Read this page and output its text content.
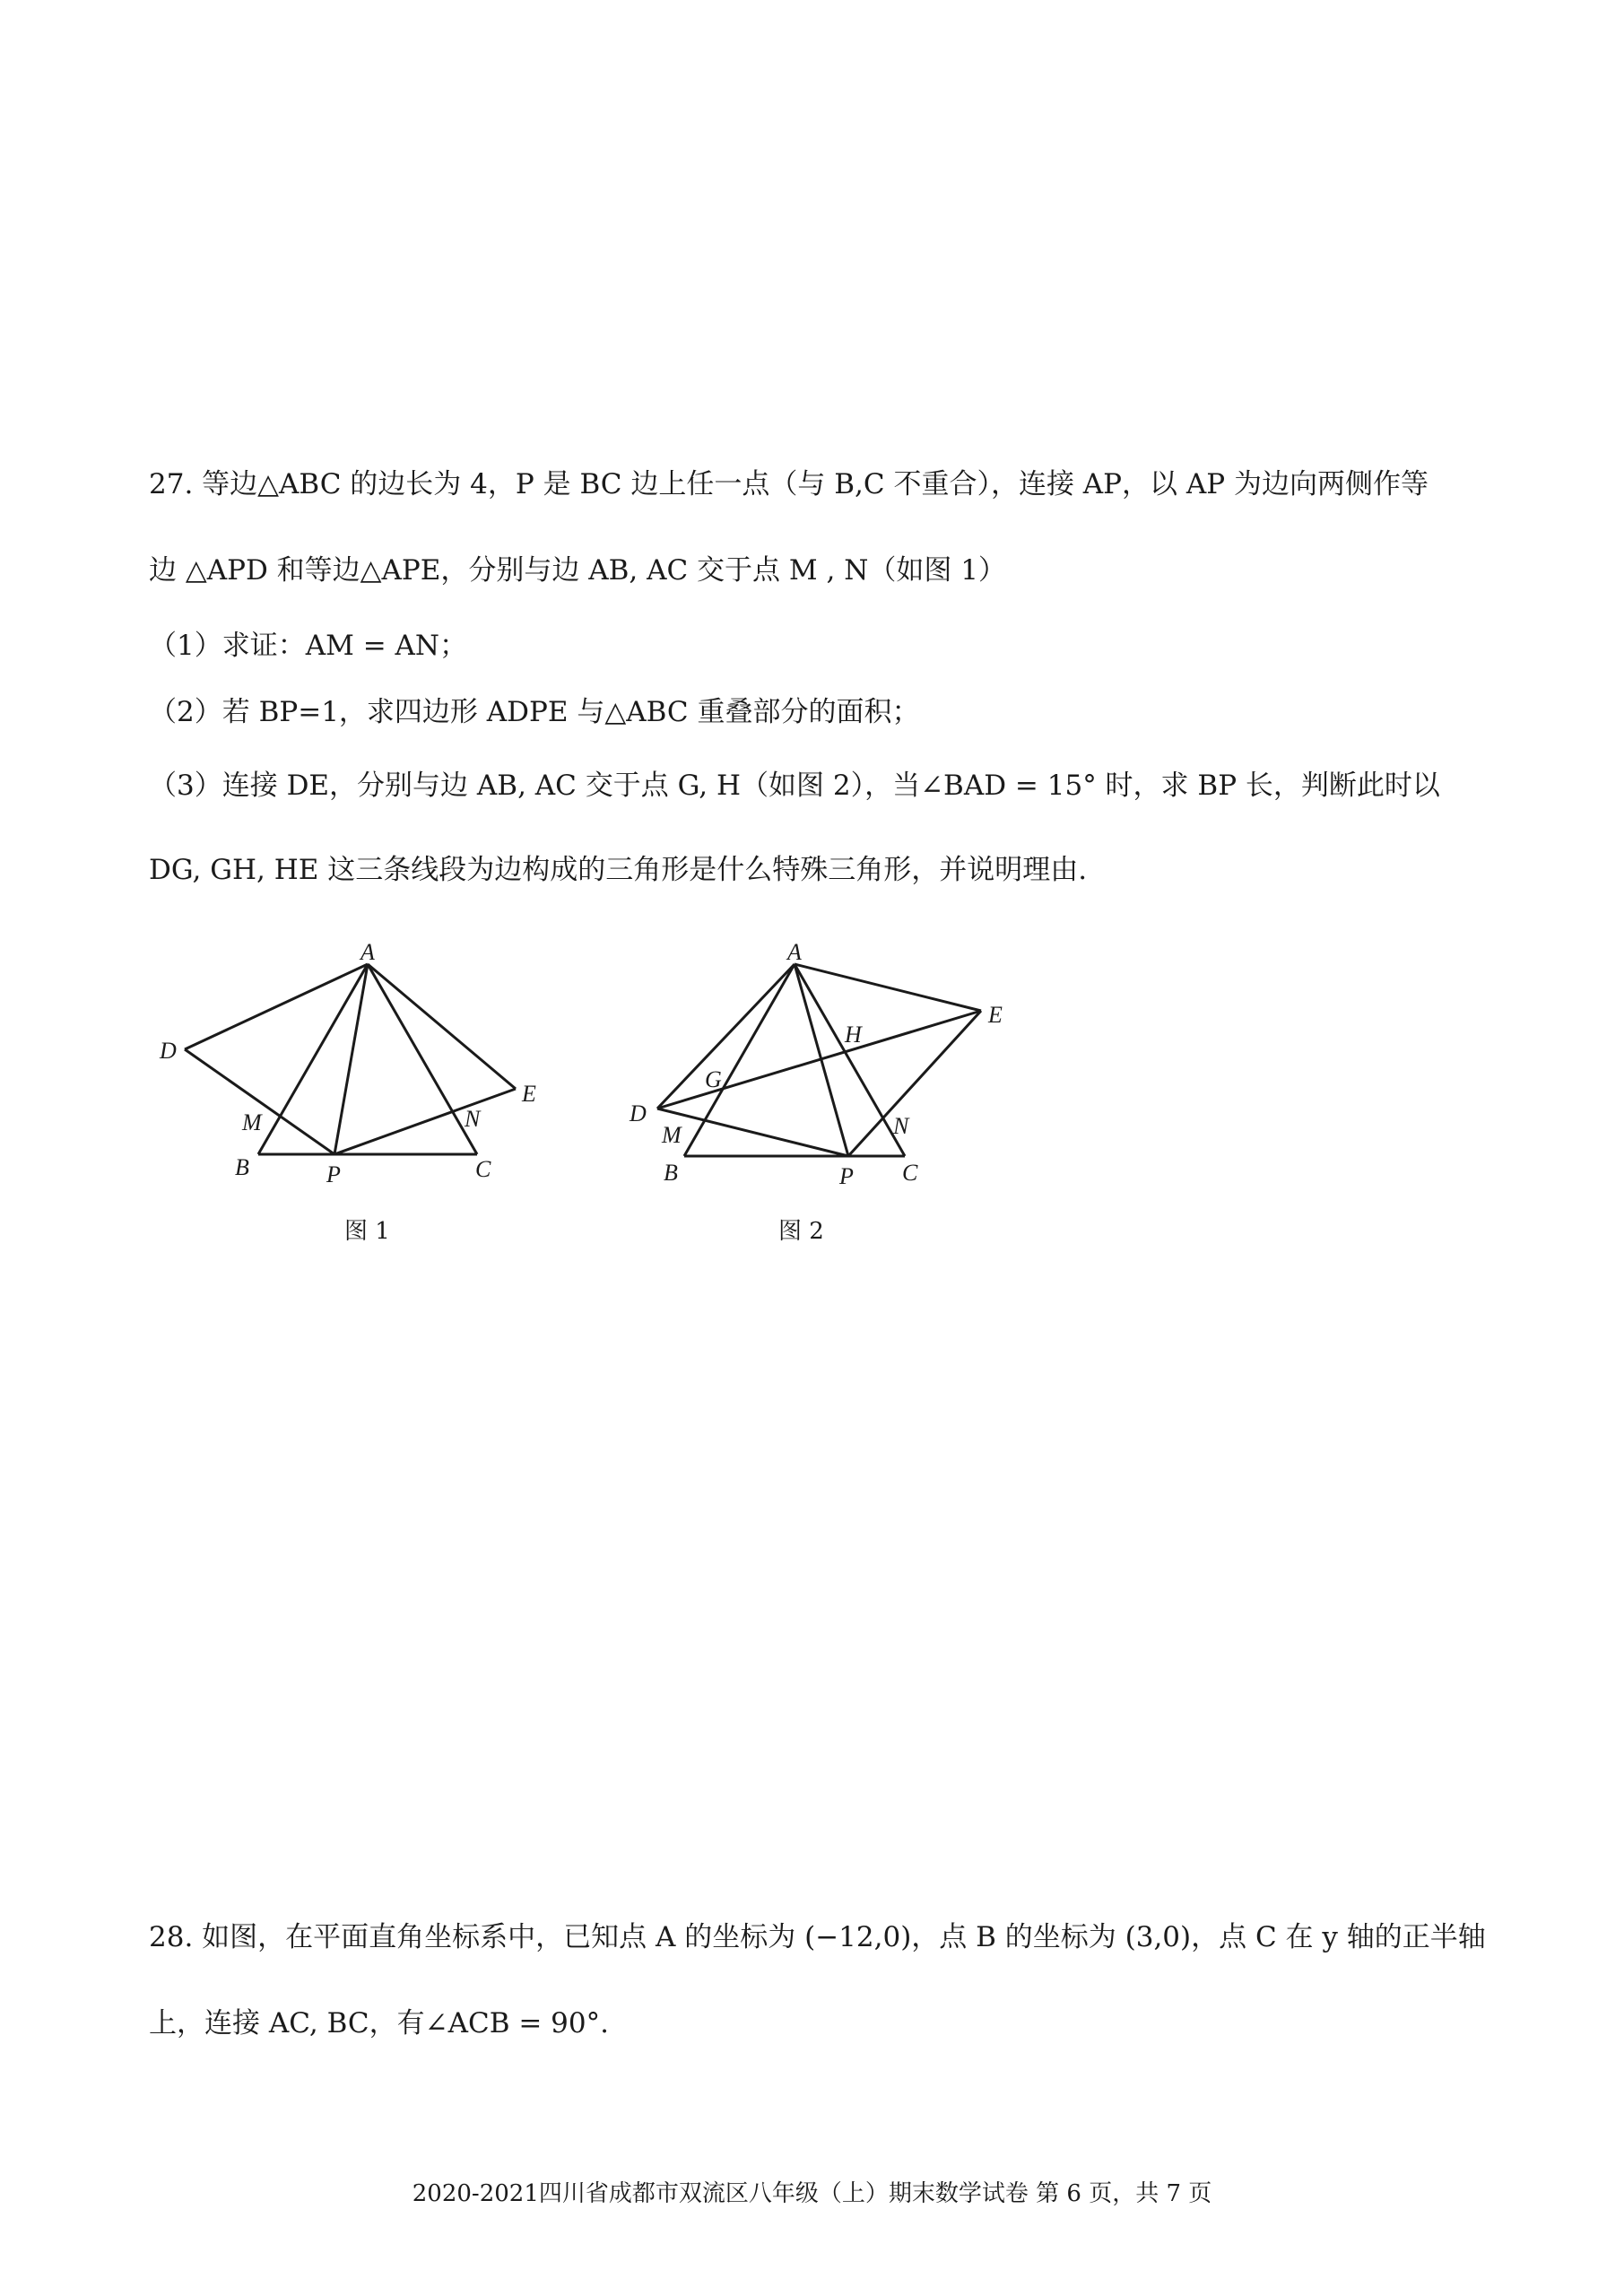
27. 等边△ABC 的边长为 4，P 是 BC 边上任一点（与 B,C 不重合），连接 AP，以 AP 为边向两侧作等
边 △APD 和等边△APE，分别与边 AB, AC 交于点 M , N（如图 1）
（1）求证：AM = AN；
（2）若 BP=1，求四边形 ADPE 与△ABC 重叠部分的面积；
（3）连接 DE，分别与边 AB, AC 交于点 G, H（如图 2），当∠BAD = 15° 时，求 BP 长，判断此时以
DG, GH, HE 这三条线段为边构成的三角形是什么特殊三角形，并说明理由.
A
D
E
M	N
B	P	C
图 1
A
E
H
G
D
M	N
B	P C
图 2
28. 如图，在平面直角坐标系中，已知点 A 的坐标为 (−12,0)，点 B 的坐标为 (3,0)，点 C 在 y 轴的正半轴
上，连接 AC, BC，有∠ACB = 90°.
2020-2021四川省成都市双流区八年级（上）期末数学试卷 第 6 页，共 7 页
